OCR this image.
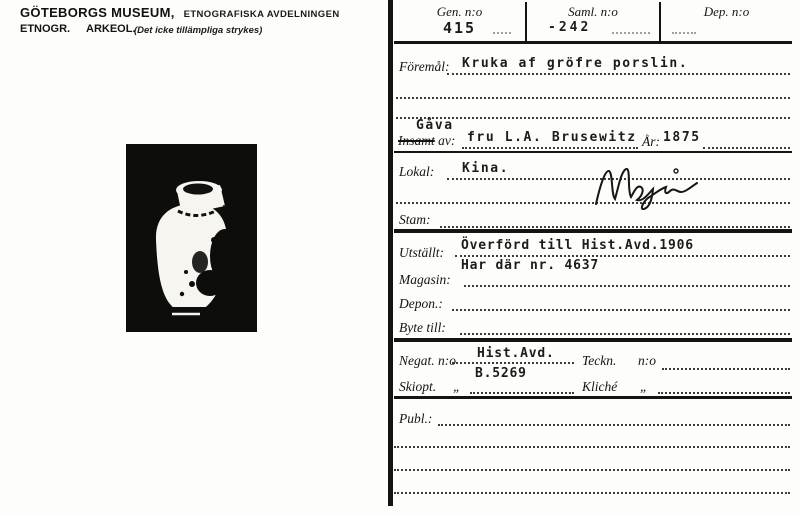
GÖTEBORGS MUSEUM, ETNOGRAFISKA AVDELNINGEN
ETNOGR. ARKEOL.
(Det icke tillämpliga strykes)
Gen. n:o
415
Saml. n:o
-242
Dep. n:o
Föremål: Kruka af gröfre porslin.
Gåva
Insamt av: fru L.A. Brusewitz År: 1875
Lokal: Kina.
Stam:
Utställt: Överförd till Hist.Avd.1906
Har där nr. 4637
Magasin:
Depon.:
Byte till:
Negat. n:o Hist.Avd.
B.5269
Teckn. n:o
Skiopt. „	Kliché „
Publ.:
